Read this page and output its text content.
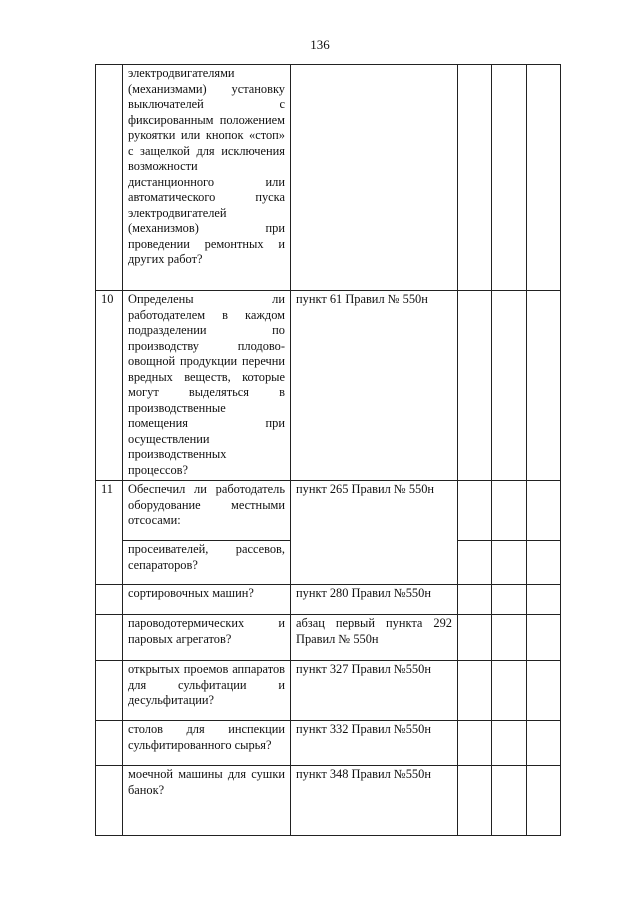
136

	электродвигателями (механизмами) установку выключателей с фиксированным положением рукоятки или кнопок «стоп» с защелкой для исключения возможности дистанционного или автоматического пуска электродвигателей (механизмов) при проведении ремонтных и других работ?				

10	Определены ли работодателем в каждом подразделении по производству плодово-овощной продукции перечни вредных веществ, которые могут выделяться в производственные помещения при осуществлении производственных процессов?	пункт 61 Правил № 550н			
11	Обеспечил ли работодатель оборудование местными отсосами:	пункт 265 Правил № 550н			

	просеивателей, рассевов, сепараторов?				

	сортировочных машин?	пункт 280 Правил №550н			

	пароводотермических и паровых агрегатов?	абзац первый пункта 292 Правил № 550н			

	открытых проемов аппаратов для сульфитации и десульфитации?	пункт 327 Правил №550н			

	столов для инспекции сульфитированного сырья?	пункт 332 Правил №550н			

	моечной машины для сушки банок?	пункт 348 Правил №550н			
